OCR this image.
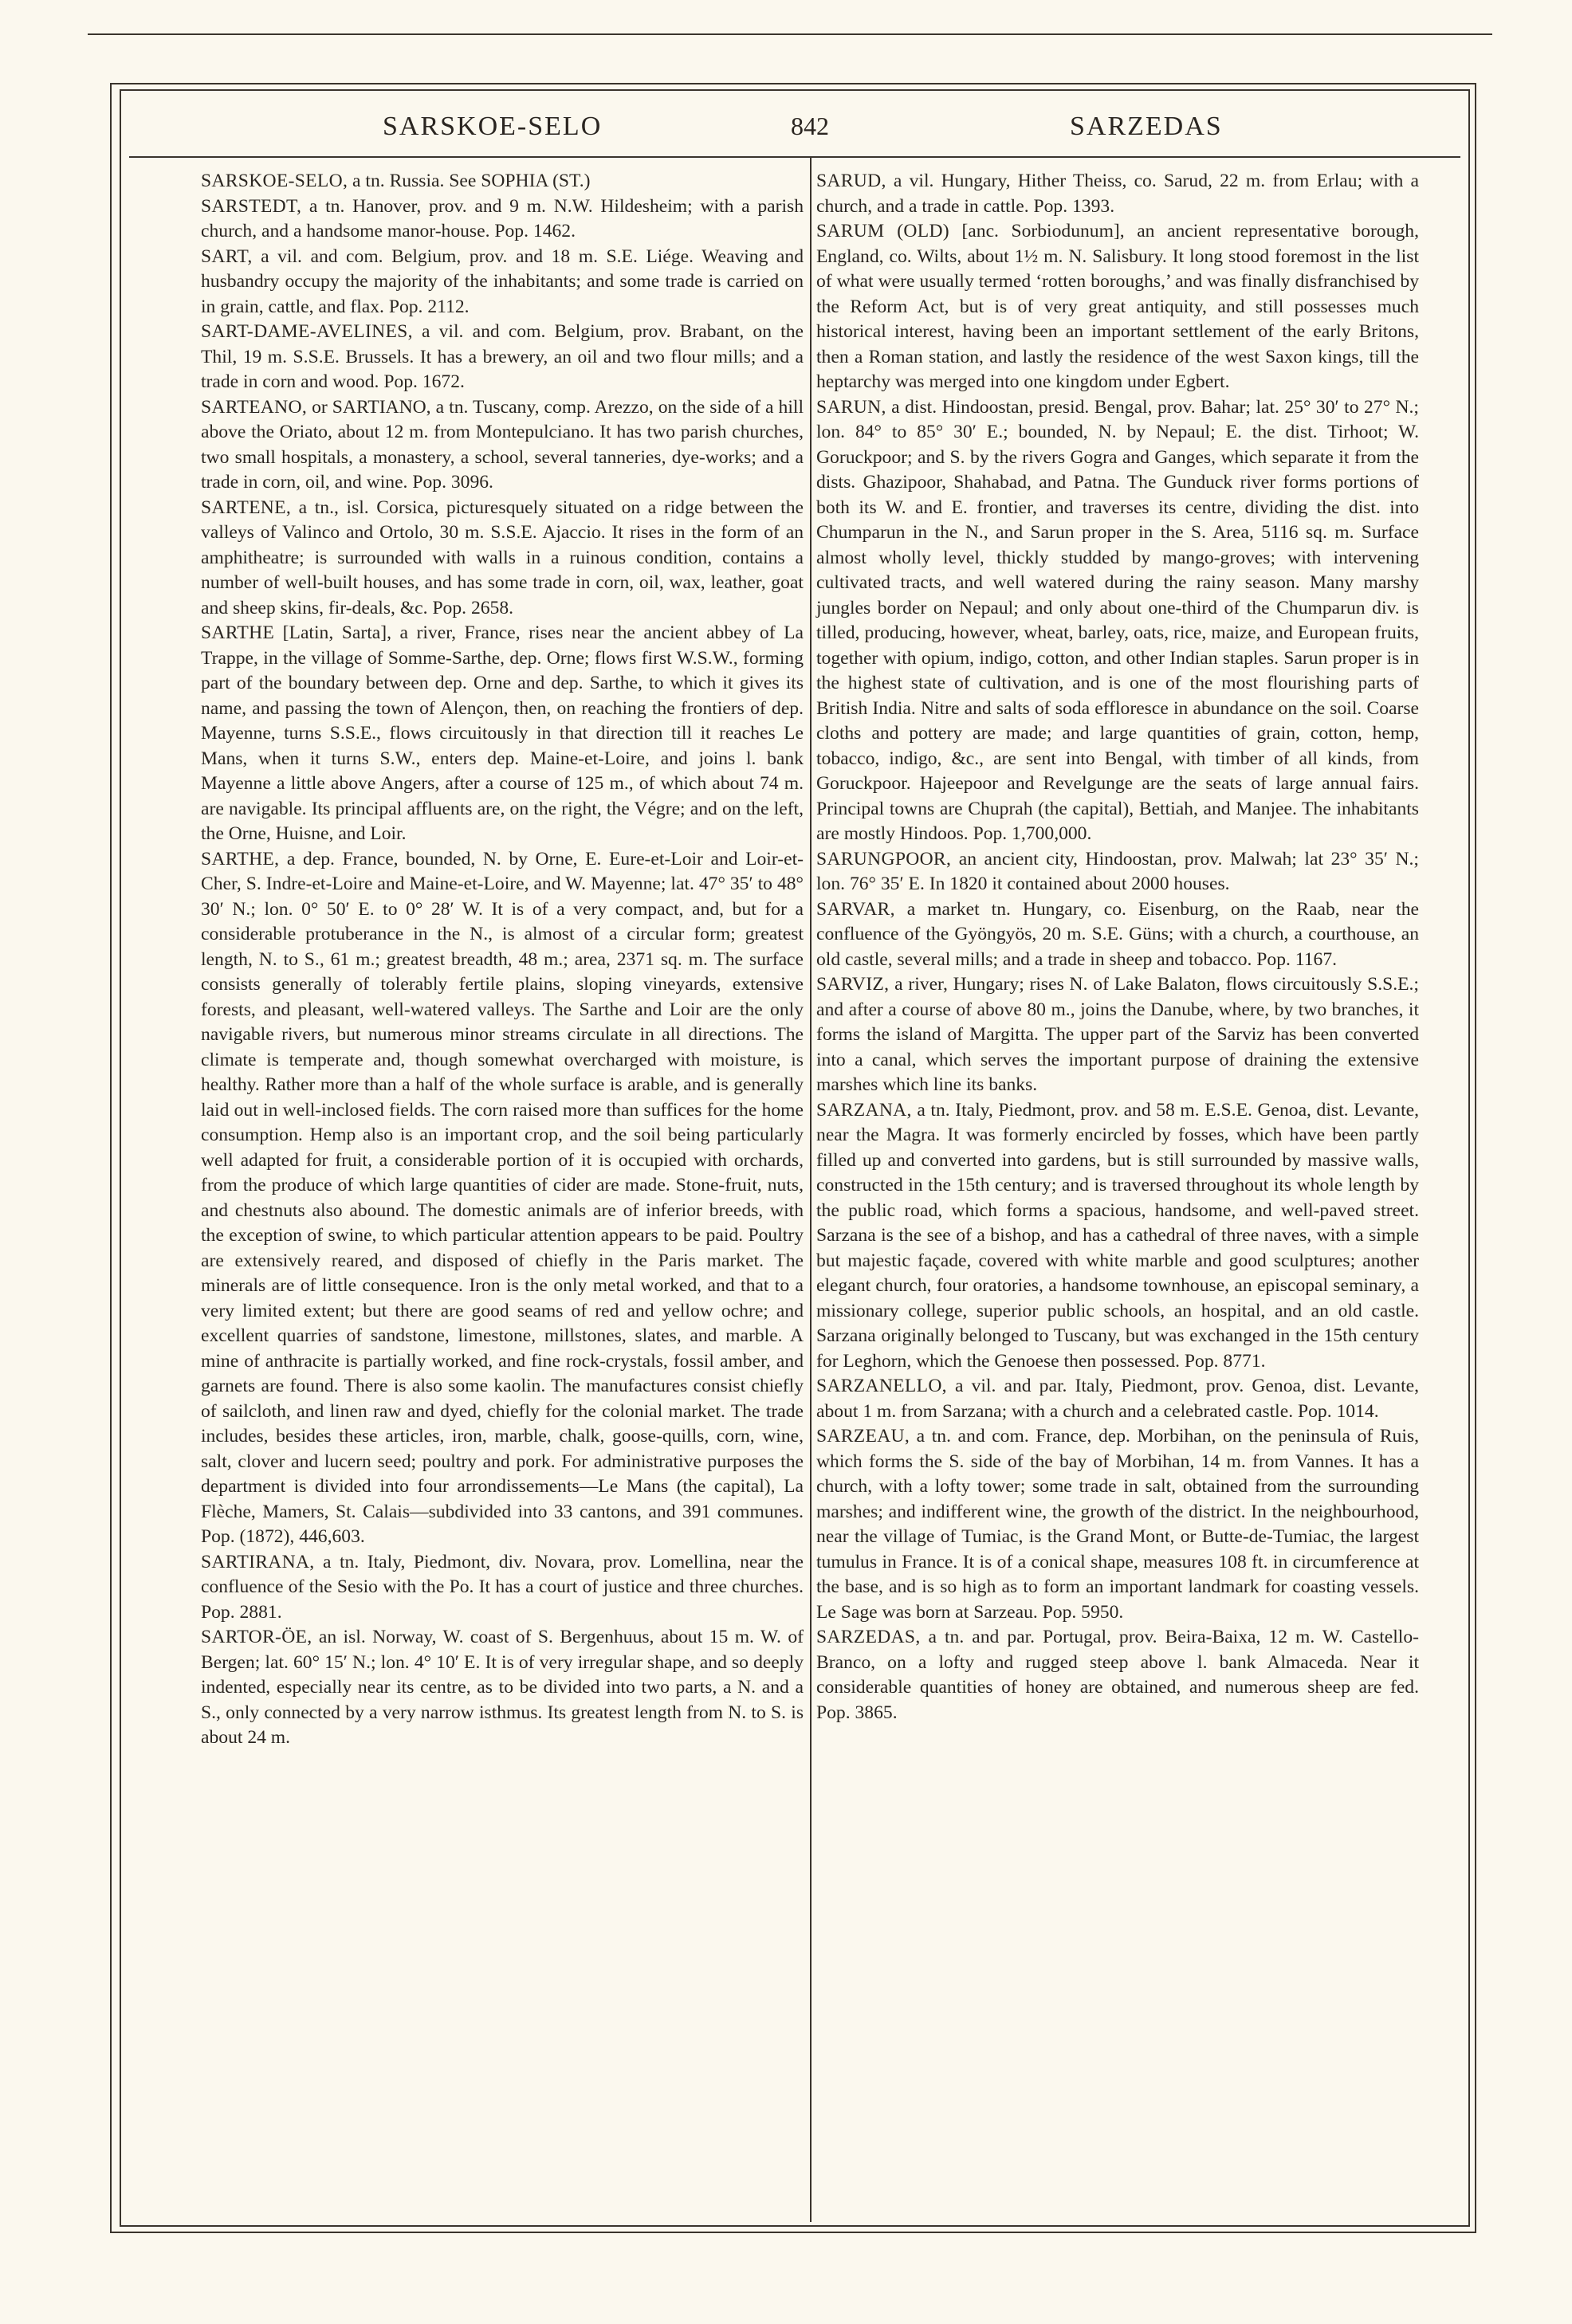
SARSKOE-SELO	842	SARZEDAS

SARSKOE-SELO, a tn. Russia. See SOPHIA (ST.)

SARSTEDT, a tn. Hanover, prov. and 9 m. N.W. Hildesheim; with a parish church, and a handsome manor-house. Pop. 1462.

SART, a vil. and com. Belgium, prov. and 18 m. S.E. Liége. Weaving and husbandry occupy the majority of the inhabitants; and some trade is carried on in grain, cattle, and flax. Pop. 2112.

SART-DAME-AVELINES, a vil. and com. Belgium, prov. Brabant, on the Thil, 19 m. S.S.E. Brussels. It has a brewery, an oil and two flour mills; and a trade in corn and wood. Pop. 1672.

SARTEANO, or SARTIANO, a tn. Tuscany, comp. Arezzo, on the side of a hill above the Oriato, about 12 m. from Montepulciano. It has two parish churches, two small hospitals, a monastery, a school, several tanneries, dye-works; and a trade in corn, oil, and wine. Pop. 3096.

SARTENE, a tn., isl. Corsica, picturesquely situated on a ridge between the valleys of Valinco and Ortolo, 30 m. S.S.E. Ajaccio. It rises in the form of an amphitheatre; is surrounded with walls in a ruinous condition, contains a number of well-built houses, and has some trade in corn, oil, wax, leather, goat and sheep skins, fir-deals, &c. Pop. 2658.

SARTHE [Latin, Sarta], a river, France, rises near the ancient abbey of La Trappe, in the village of Somme-Sarthe, dep. Orne; flows first W.S.W., forming part of the boundary between dep. Orne and dep. Sarthe, to which it gives its name, and passing the town of Alençon, then, on reaching the frontiers of dep. Mayenne, turns S.S.E., flows circuitously in that direction till it reaches Le Mans, when it turns S.W., enters dep. Maine-et-Loire, and joins l. bank Mayenne a little above Angers, after a course of 125 m., of which about 74 m. are navigable. Its principal affluents are, on the right, the Végre; and on the left, the Orne, Huisne, and Loir.

SARTHE, a dep. France, bounded, N. by Orne, E. Eure-et-Loir and Loir-et-Cher, S. Indre-et-Loire and Maine-et-Loire, and W. Mayenne; lat. 47° 35′ to 48° 30′ N.; lon. 0° 50′ E. to 0° 28′ W. It is of a very compact, and, but for a considerable protuberance in the N., is almost of a circular form; greatest length, N. to S., 61 m.; greatest breadth, 48 m.; area, 2371 sq. m. The surface consists generally of tolerably fertile plains, sloping vineyards, extensive forests, and pleasant, well-watered valleys. The Sarthe and Loir are the only navigable rivers, but numerous minor streams circulate in all directions. The climate is temperate and, though somewhat overcharged with moisture, is healthy. Rather more than a half of the whole surface is arable, and is generally laid out in well-inclosed fields. The corn raised more than suffices for the home consumption. Hemp also is an important crop, and the soil being particularly well adapted for fruit, a considerable portion of it is occupied with orchards, from the produce of which large quantities of cider are made. Stone-fruit, nuts, and chestnuts also abound. The domestic animals are of inferior breeds, with the exception of swine, to which particular attention appears to be paid. Poultry are extensively reared, and disposed of chiefly in the Paris market. The minerals are of little consequence. Iron is the only metal worked, and that to a very limited extent; but there are good seams of red and yellow ochre; and excellent quarries of sandstone, limestone, millstones, slates, and marble. A mine of anthracite is partially worked, and fine rock-crystals, fossil amber, and garnets are found. There is also some kaolin. The manufactures consist chiefly of sailcloth, and linen raw and dyed, chiefly for the colonial market. The trade includes, besides these articles, iron, marble, chalk, goose-quills, corn, wine, salt, clover and lucern seed; poultry and pork. For administrative purposes the department is divided into four arrondissements—Le Mans (the capital), La Flèche, Mamers, St. Calais—subdivided into 33 cantons, and 391 communes. Pop. (1872), 446,603.

SARTIRANA, a tn. Italy, Piedmont, div. Novara, prov. Lomellina, near the confluence of the Sesio with the Po. It has a court of justice and three churches. Pop. 2881.

SARTOR-ÖE, an isl. Norway, W. coast of S. Bergenhuus, about 15 m. W. of Bergen; lat. 60° 15′ N.; lon. 4° 10′ E. It is of very irregular shape, and so deeply indented, especially near its centre, as to be divided into two parts, a N. and a S., only connected by a very narrow isthmus. Its greatest length from N. to S. is about 24 m.

SARUD, a vil. Hungary, Hither Theiss, co. Sarud, 22 m. from Erlau; with a church, and a trade in cattle. Pop. 1393.

SARUM (OLD) [anc. Sorbiodunum], an ancient representative borough, England, co. Wilts, about 1½ m. N. Salisbury. It long stood foremost in the list of what were usually termed ‘rotten boroughs,’ and was finally disfranchised by the Reform Act, but is of very great antiquity, and still possesses much historical interest, having been an important settlement of the early Britons, then a Roman station, and lastly the residence of the west Saxon kings, till the heptarchy was merged into one kingdom under Egbert.

SARUN, a dist. Hindoostan, presid. Bengal, prov. Bahar; lat. 25° 30′ to 27° N.; lon. 84° to 85° 30′ E.; bounded, N. by Nepaul; E. the dist. Tirhoot; W. Goruckpoor; and S. by the rivers Gogra and Ganges, which separate it from the dists. Ghazipoor, Shahabad, and Patna. The Gunduck river forms portions of both its W. and E. frontier, and traverses its centre, dividing the dist. into Chumparun in the N., and Sarun proper in the S. Area, 5116 sq. m. Surface almost wholly level, thickly studded by mango-groves; with intervening cultivated tracts, and well watered during the rainy season. Many marshy jungles border on Nepaul; and only about one-third of the Chumparun div. is tilled, producing, however, wheat, barley, oats, rice, maize, and European fruits, together with opium, indigo, cotton, and other Indian staples. Sarun proper is in the highest state of cultivation, and is one of the most flourishing parts of British India. Nitre and salts of soda effloresce in abundance on the soil. Coarse cloths and pottery are made; and large quantities of grain, cotton, hemp, tobacco, indigo, &c., are sent into Bengal, with timber of all kinds, from Goruckpoor. Hajeepoor and Revelgunge are the seats of large annual fairs. Principal towns are Chuprah (the capital), Bettiah, and Manjee. The inhabitants are mostly Hindoos. Pop. 1,700,000.

SARUNGPOOR, an ancient city, Hindoostan, prov. Malwah; lat 23° 35′ N.; lon. 76° 35′ E. In 1820 it contained about 2000 houses.

SARVAR, a market tn. Hungary, co. Eisenburg, on the Raab, near the confluence of the Gyöngyös, 20 m. S.E. Güns; with a church, a courthouse, an old castle, several mills; and a trade in sheep and tobacco. Pop. 1167.

SARVIZ, a river, Hungary; rises N. of Lake Balaton, flows circuitously S.S.E.; and after a course of above 80 m., joins the Danube, where, by two branches, it forms the island of Margitta. The upper part of the Sarviz has been converted into a canal, which serves the important purpose of draining the extensive marshes which line its banks.

SARZANA, a tn. Italy, Piedmont, prov. and 58 m. E.S.E. Genoa, dist. Levante, near the Magra. It was formerly encircled by fosses, which have been partly filled up and converted into gardens, but is still surrounded by massive walls, constructed in the 15th century; and is traversed throughout its whole length by the public road, which forms a spacious, handsome, and well-paved street. Sarzana is the see of a bishop, and has a cathedral of three naves, with a simple but majestic façade, covered with white marble and good sculptures; another elegant church, four oratories, a handsome townhouse, an episcopal seminary, a missionary college, superior public schools, an hospital, and an old castle. Sarzana originally belonged to Tuscany, but was exchanged in the 15th century for Leghorn, which the Genoese then possessed. Pop. 8771.

SARZANELLO, a vil. and par. Italy, Piedmont, prov. Genoa, dist. Levante, about 1 m. from Sarzana; with a church and a celebrated castle. Pop. 1014.

SARZEAU, a tn. and com. France, dep. Morbihan, on the peninsula of Ruis, which forms the S. side of the bay of Morbihan, 14 m. from Vannes. It has a church, with a lofty tower; some trade in salt, obtained from the surrounding marshes; and indifferent wine, the growth of the district. In the neighbourhood, near the village of Tumiac, is the Grand Mont, or Butte-de-Tumiac, the largest tumulus in France. It is of a conical shape, measures 108 ft. in circumference at the base, and is so high as to form an important landmark for coasting vessels. Le Sage was born at Sarzeau. Pop. 5950.

SARZEDAS, a tn. and par. Portugal, prov. Beira-Baixa, 12 m. W. Castello-Branco, on a lofty and rugged steep above l. bank Almaceda. Near it considerable quantities of honey are obtained, and numerous sheep are fed. Pop. 3865.
